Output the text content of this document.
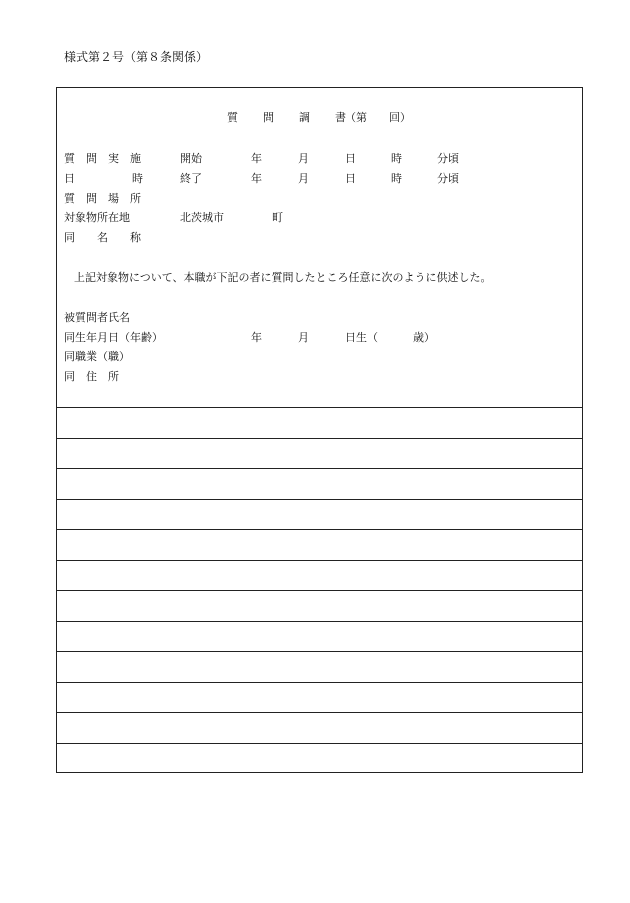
様式第２号（第８条関係）
質 問 調 書 （第 回）
質　問　実　施	開始	年	月	日	時	分頃
日	時	終了	年	月	日	時	分頃
質　問　場　所
対象物所在地	北茨城市	町
同　　名　　称
上記対象物について、本職が下記の者に質問したところ任意に次のように供述した。
被質問者氏名
同生年月日（年齢）	年	月	日生（	歳）
同職業（職）
同　住　所
